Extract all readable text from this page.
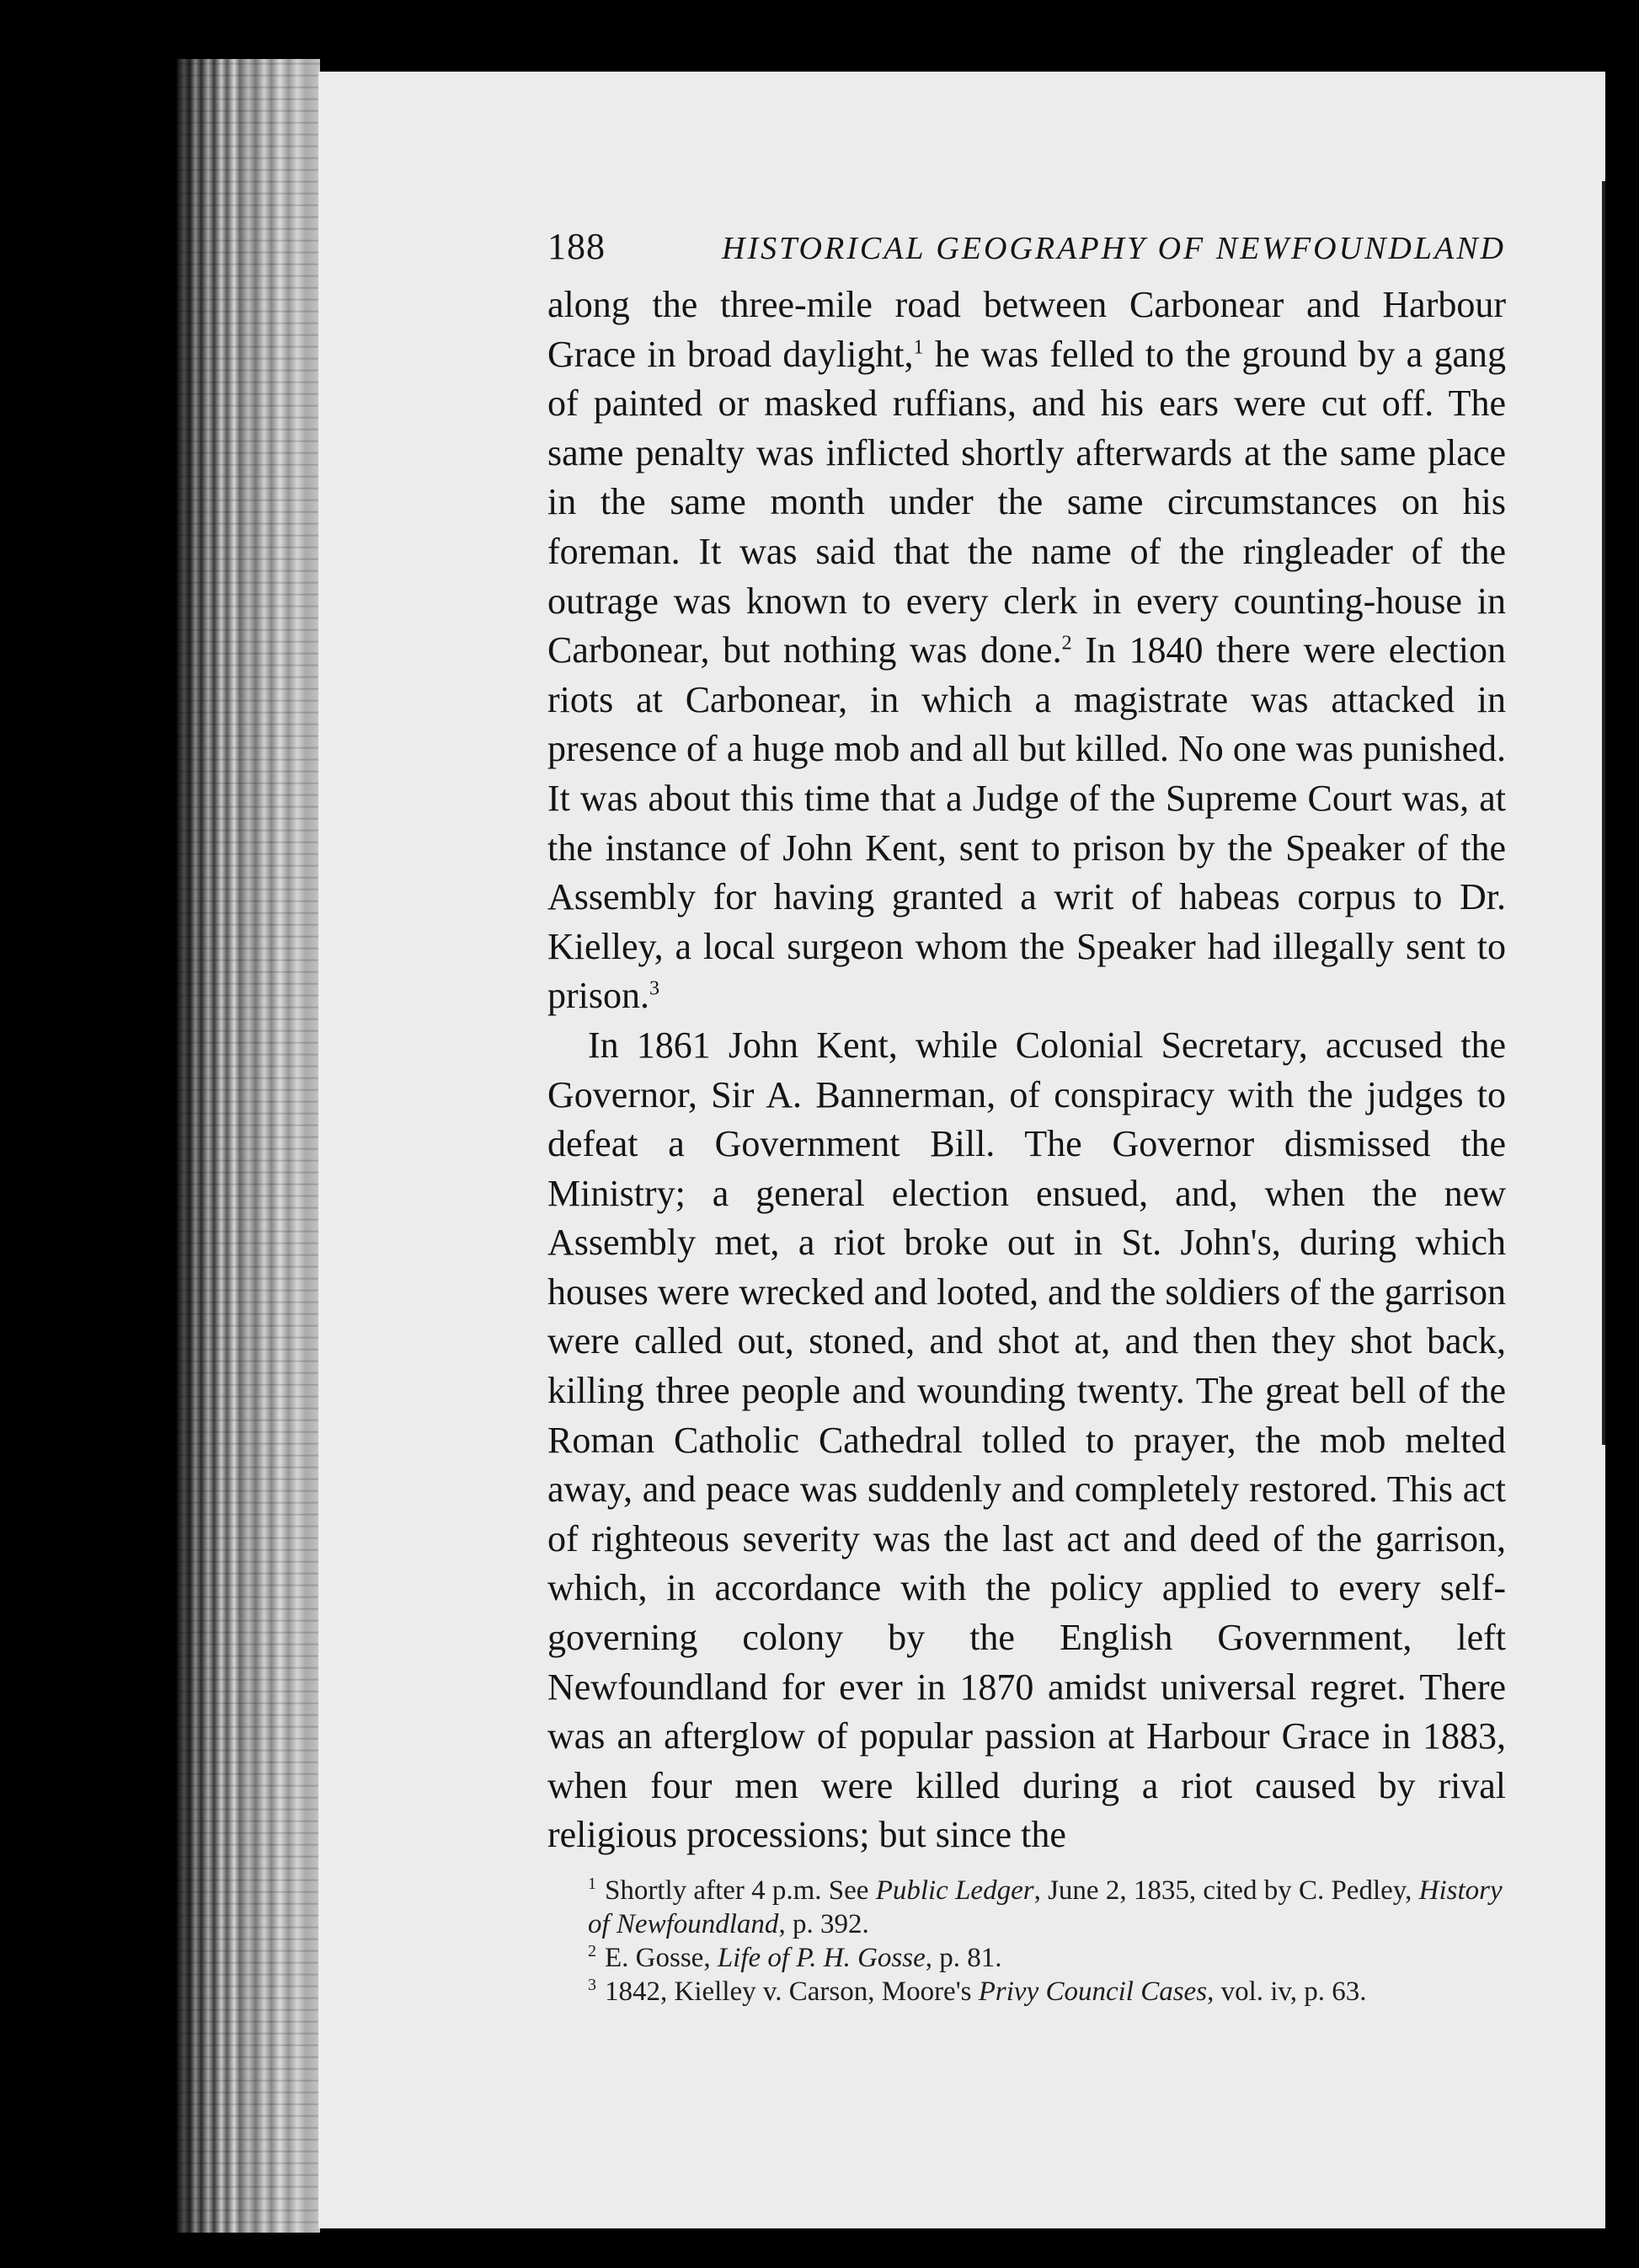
188	HISTORICAL GEOGRAPHY OF NEWFOUNDLAND

along the three-mile road between Carbonear and Harbour Grace in broad daylight,$^1$ he was felled to the ground by a gang of painted or masked ruffians, and his ears were cut off. The same penalty was inflicted shortly afterwards at the same place in the same month under the same circumstances on his foreman. It was said that the name of the ringleader of the outrage was known to every clerk in every counting-house in Carbonear, but nothing was done.$^2$ In 1840 there were election riots at Carbonear, in which a magistrate was attacked in presence of a huge mob and all but killed. No one was punished. It was about this time that a Judge of the Supreme Court was, at the instance of John Kent, sent to prison by the Speaker of the Assembly for having granted a writ of habeas corpus to Dr. Kielley, a local surgeon whom the Speaker had illegally sent to prison.$^3$

In 1861 John Kent, while Colonial Secretary, accused the Governor, Sir A. Bannerman, of conspiracy with the judges to defeat a Government Bill. The Governor dismissed the Ministry; a general election ensued, and, when the new Assembly met, a riot broke out in St. John's, during which houses were wrecked and looted, and the soldiers of the garrison were called out, stoned, and shot at, and then they shot back, killing three people and wounding twenty. The great bell of the Roman Catholic Cathedral tolled to prayer, the mob melted away, and peace was suddenly and completely restored. This act of righteous severity was the last act and deed of the garrison, which, in accordance with the policy applied to every self-governing colony by the English Government, left Newfoundland for ever in 1870 amidst universal regret. There was an afterglow of popular passion at Harbour Grace in 1883, when four men were killed during a riot caused by rival religious processions; but since the

$^1$ Shortly after 4 p.m. See Public Ledger, June 2, 1835, cited by C. Pedley, History of Newfoundland, p. 392.

$^2$ E. Gosse, Life of P. H. Gosse, p. 81.

$^3$ 1842, Kielley v. Carson, Moore's Privy Council Cases, vol. iv, p. 63.
